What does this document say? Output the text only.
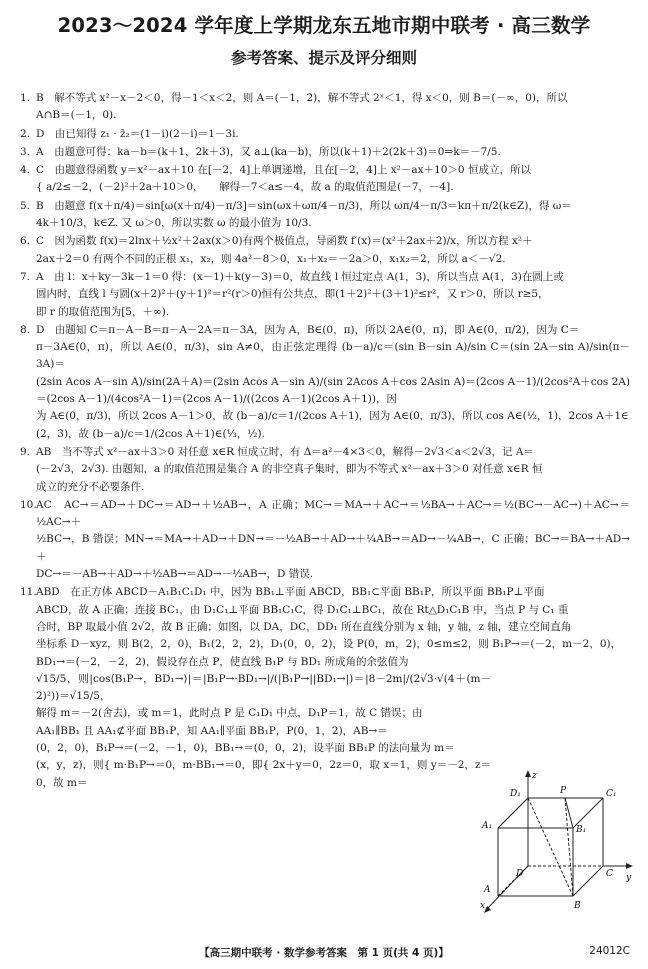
2023～2024 学年度上学期龙东五地市期中联考 · 高三数学
参考答案、提示及评分细则
1. B　解不等式 x²－x－2＜0，得－1＜x＜2，则 A＝(－1，2)，解不等式 2ˣ＜1，得 x＜0，则 B＝(－∞，0)，所以

A∩B＝(－1，0).

2. D　由已知得 z₁ · z̄₂＝(1－i)(2－i)＝1－3i.

3. A　由题意可得：ka－b＝(k＋1，2k＋3)，又 a⊥(ka－b)，所以(k＋1)＋2(2k＋3)＝0⇒k＝－7/5.

4. C　由题意得函数 y＝x²－ax＋10 在[－2，4]上单调递增，且在[－2，4]上 x²－ax＋10＞0 恒成立，所以

{ a/2≤－2，(－2)²＋2a＋10＞0，　　解得－7＜a≤－4，故 a 的取值范围是(－7，－4].

5. B　由题意 f(x＋π/4)＝sin[ω(x＋π/4)－π/3]＝sin(ωx＋ωπ/4－π/3)，所以 ωπ/4－π/3＝kπ＋π/2(k∈Z)，得 ω＝

4k＋10/3，k∈Z. 又 ω＞0，所以实数 ω 的最小值为 10/3.

6. C　因为函数 f(x)＝2lnx＋½x²＋2ax(x＞0)有两个极值点，导函数 f′(x)＝(x²＋2ax＋2)/x，所以方程 x²＋

2ax＋2＝0 有两个不同的正根 x₁，x₂，则 4a²－8＞0，x₁＋x₂＝－2a＞0，x₁x₂＝2，所以 a＜－√2.

7. A　由 l：x＋ky－3k－1＝0 得：(x－1)＋k(y－3)＝0，故直线 l 恒过定点 A(1，3)，所以当点 A(1，3)在圆上或

圆内时，直线 l 与圆(x＋2)²＋(y＋1)²＝r²(r＞0)恒有公共点，即(1＋2)²＋(3＋1)²≤r²，又 r＞0，所以 r≥5，

即 r 的取值范围为[5，＋∞).

8. D　由题知 C＝π－A－B＝π－A－2A＝π－3A，因为 A，B∈(0，π)，所以 2A∈(0，π)，即 A∈(0，π/2)，因为 C＝

π－3A∈(0，π)，所以 A∈(0，π/3)，sin A≠0，由正弦定理得 (b－a)/c＝(sin B－sin A)/sin C＝(sin 2A－sin A)/sin(π－3A)＝

(2sin Acos A－sin A)/sin(2A＋A)＝(2sin Acos A－sin A)/(sin 2Acos A＋cos 2Asin A)＝(2cos A－1)/(2cos²A＋cos 2A)＝(2cos A－1)/(4cos²A－1)＝(2cos A－1)/((2cos A－1)(2cos A＋1))，因

为 A∈(0，π/3)，所以 2cos A－1＞0，故 (b－a)/c＝1/(2cos A＋1)，因为 A∈(0，π/3)，所以 cos A∈(½，1)，2cos A＋1∈

(2，3)，故 (b－a)/c＝1/(2cos A＋1)∈(⅓，½).

9. AB　当不等式 x²－ax＋3＞0 对任意 x∈R 恒成立时，有 Δ＝a²－4×3＜0，解得－2√3＜a＜2√3，记 A＝

(－2√3，2√3). 由题知，a 的取值范围是集合 A 的非空真子集时，即为不等式 x²－ax＋3＞0 对任意 x∈R 恒

成立的充分不必要条件.

10. AC　AC→＝AD→＋DC→＝AD→＋½AB→，A 正确；MC→＝MA→＋AC→＝½BA→＋AC→＝½(BC→－AC→)＋AC→＝½AC→＋

½BC→，B 错误；MN→＝MA→＋AD→＋DN→＝－½AB→＋AD→＋¼AB→＝AD→－¼AB→，C 正确；BC→＝BA→＋AD→＋

DC→＝－AB→＋AD→＋½AB→＝AD→－½AB→，D 错误.

11. ABD　在正方体 ABCD－A₁B₁C₁D₁ 中，因为 BB₁⊥平面 ABCD，BB₁⊂平面 BB₁P，所以平面 BB₁P⊥平面

ABCD，故 A 正确；连接 BC₁，由 D₁C₁⊥平面 BB₁C₁C，得 D₁C₁⊥BC₁，故在 Rt△D₁C₁B 中，当点 P 与 C₁ 重

合时，BP 取最小值 2√2，故 B 正确；如图，以 DA，DC，DD₁ 所在直线分别为 x 轴，y 轴，z 轴，建立空间直角

坐标系 D－xyz，则 B(2，2，0)，B₁(2，2，2)，D₁(0，0，2)，设 P(0，m，2)，0≤m≤2，则 B₁P→＝(－2，m－2，0)，

BD₁→＝(－2，－2，2)，假设存在点 P，使直线 B₁P 与 BD₁ 所成角的余弦值为

√15/5，则|cos⟨B₁P→，BD₁→⟩|＝|B₁P→·BD₁→|/(|B₁P→||BD₁→|)＝|8－2m|/(2√3·√(4＋(m－2)²))＝√15/5，

解得 m＝－2(舍去)，或 m＝1，此时点 P 是 C₁D₁ 中点，D₁P＝1，故 C 错误；由

AA₁∥BB₁ 且 AA₁⊄平面 BB₁P，知 AA₁∥平面 BB₁P，P(0，1，2)，AB→＝

(0，2，0)，B₁P→＝(－2，－1，0)，BB₁→＝(0，0，2)，设平面 BB₁P 的法向量为 m＝

(x，y，z)，则{ m·B₁P→＝0，m·BB₁→＝0，即{ 2x＋y＝0，2z＝0，取 x＝1，则 y＝－2，z＝0，故 m＝

z
D₁	P	C₁
A₁	B₁
D	C y
A
B
x
【高三期中联考 · 数学参考答案　第 1 页(共 4 页)】	24012C
